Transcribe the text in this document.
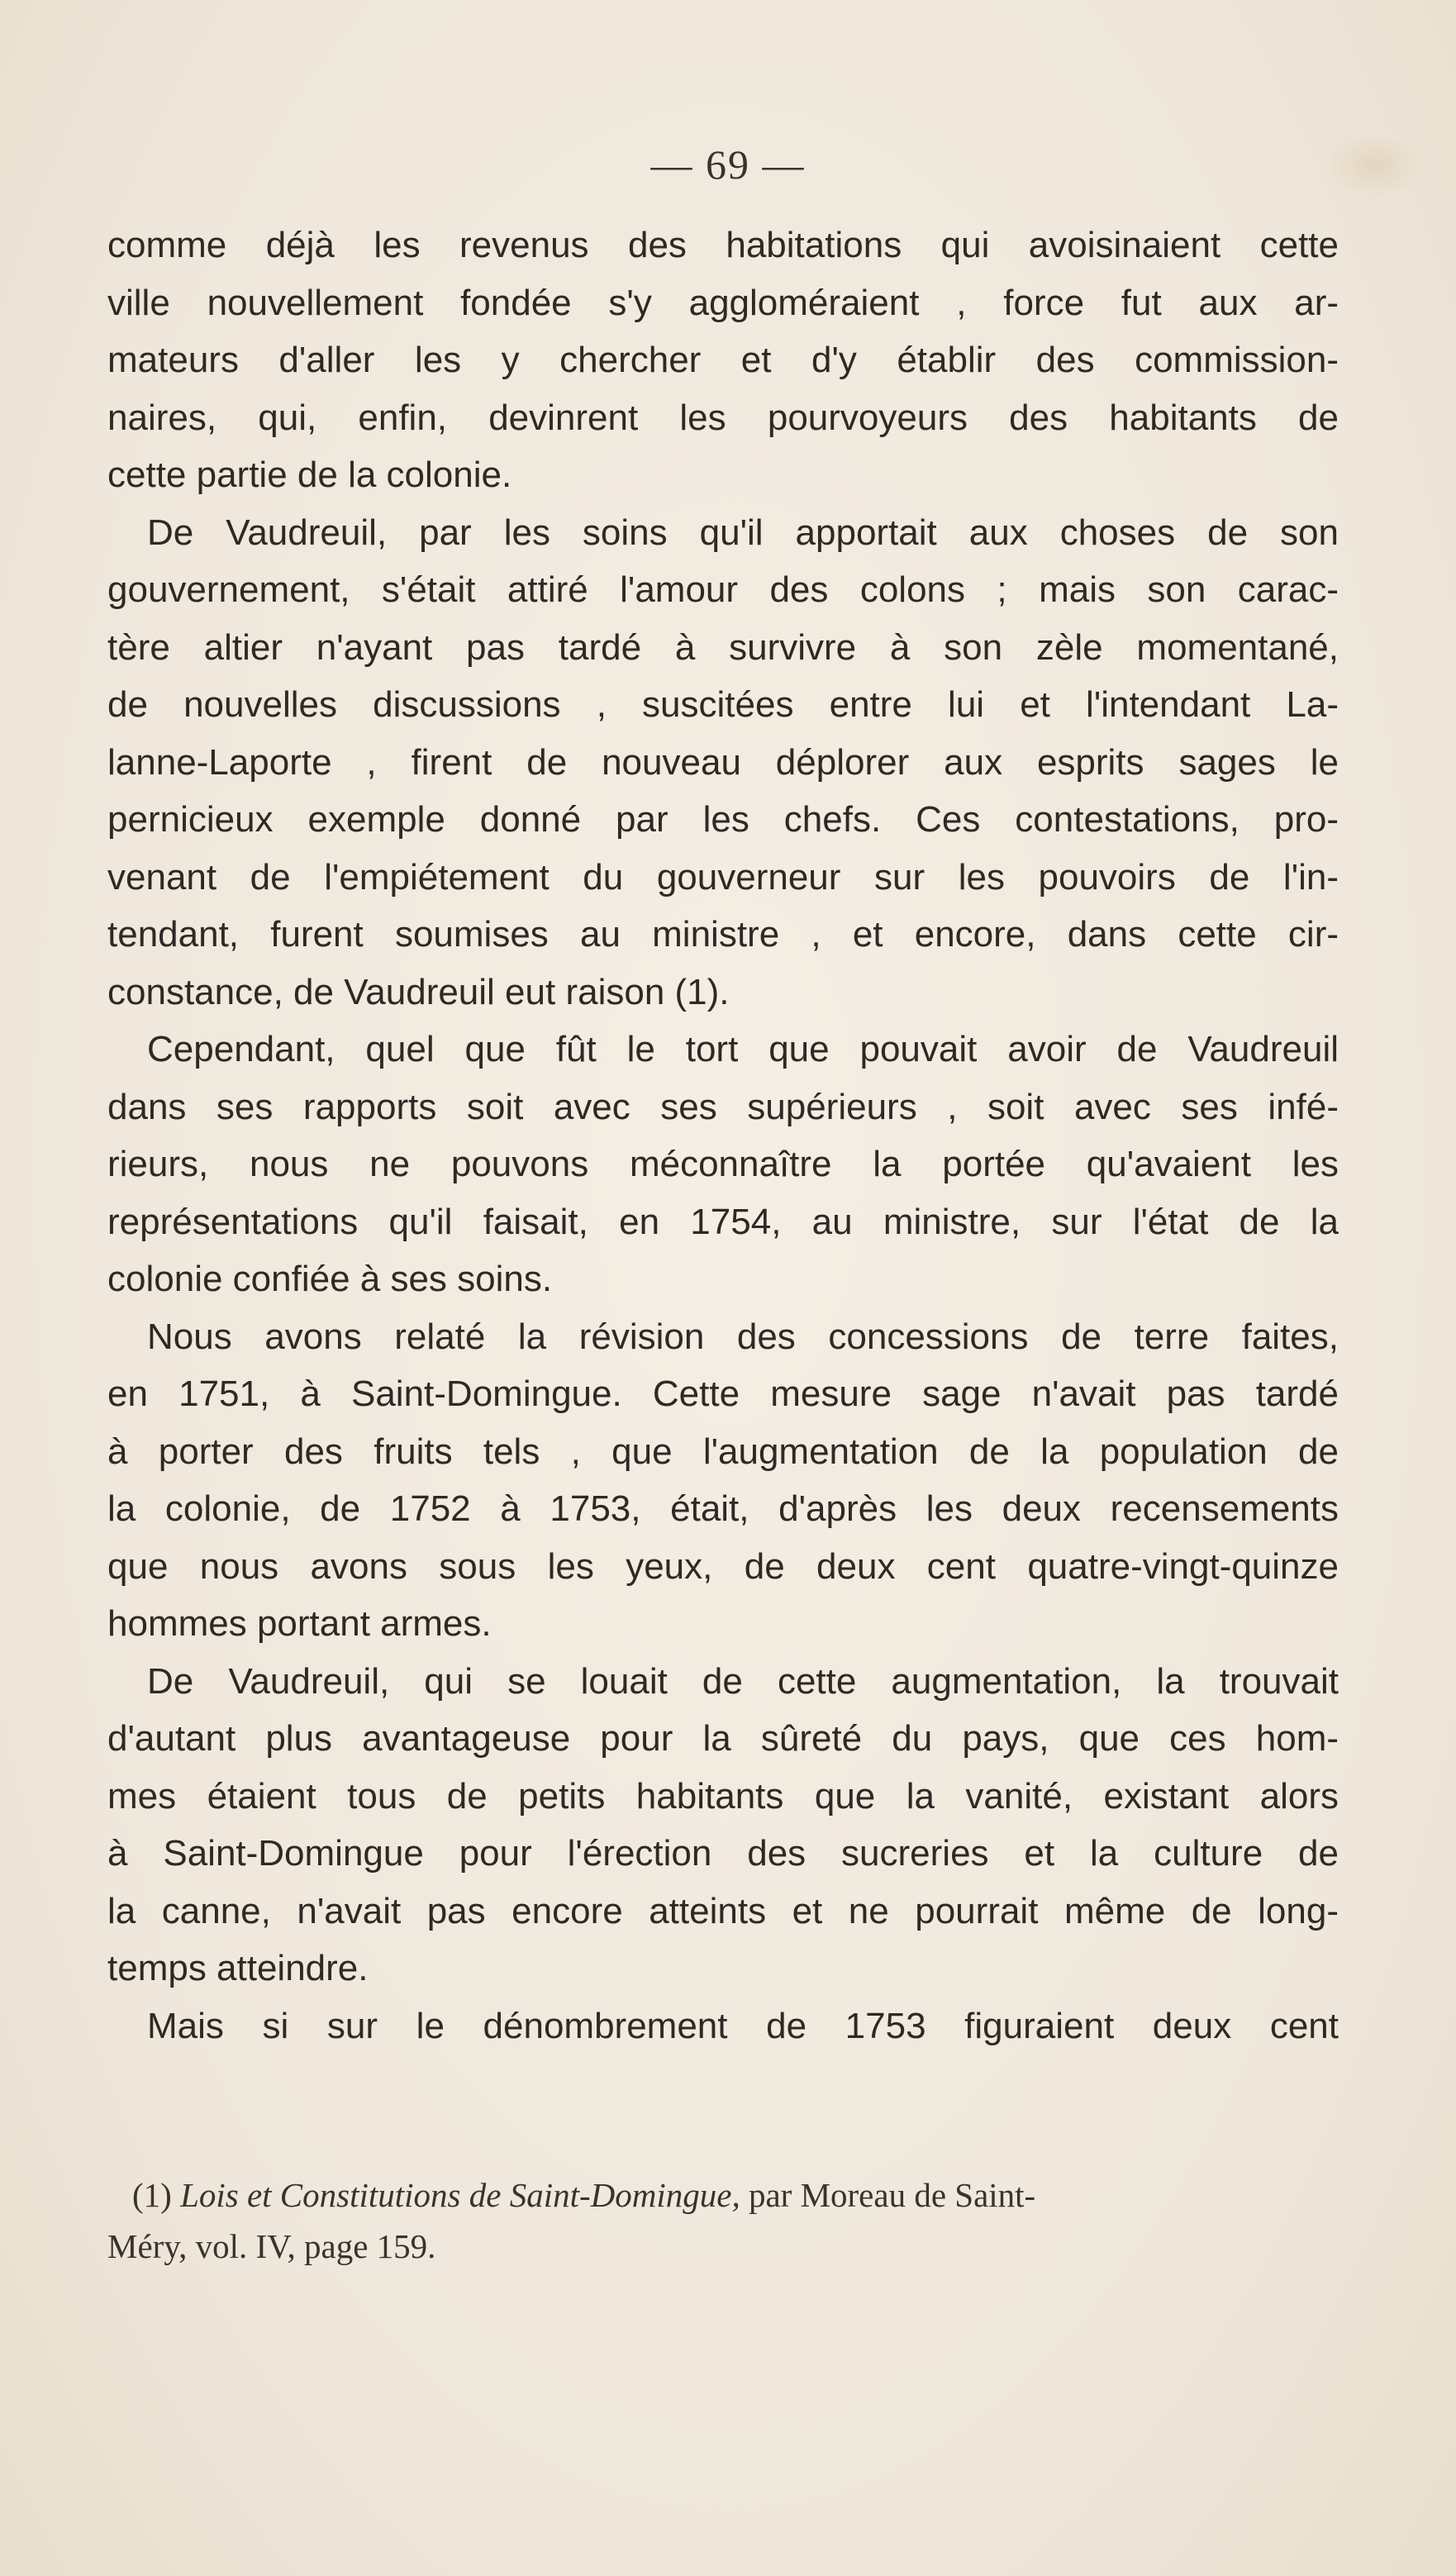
— 69 —
comme déjà les revenus des habitations qui avoisinaient cette
ville nouvellement fondée s'y aggloméraient , force fut aux ar-
mateurs d'aller les y chercher et d'y établir des commission-
naires, qui, enfin, devinrent les pourvoyeurs des habitants de
cette partie de la colonie.
De Vaudreuil, par les soins qu'il apportait aux choses de son
gouvernement, s'était attiré l'amour des colons ; mais son carac-
tère altier n'ayant pas tardé à survivre à son zèle momentané,
de nouvelles discussions , suscitées entre lui et l'intendant La-
lanne-Laporte , firent de nouveau déplorer aux esprits sages le
pernicieux exemple donné par les chefs. Ces contestations, pro-
venant de l'empiétement du gouverneur sur les pouvoirs de l'in-
tendant, furent soumises au ministre , et encore, dans cette cir-
constance, de Vaudreuil eut raison (1).
Cependant, quel que fût le tort que pouvait avoir de Vaudreuil
dans ses rapports soit avec ses supérieurs , soit avec ses infé-
rieurs, nous ne pouvons méconnaître la portée qu'avaient les
représentations qu'il faisait, en 1754, au ministre, sur l'état de la
colonie confiée à ses soins.
Nous avons relaté la révision des concessions de terre faites,
en 1751, à Saint-Domingue. Cette mesure sage n'avait pas tardé
à porter des fruits tels , que l'augmentation de la population de
la colonie, de 1752 à 1753, était, d'après les deux recensements
que nous avons sous les yeux, de deux cent quatre-vingt-quinze
hommes portant armes.
De Vaudreuil, qui se louait de cette augmentation, la trouvait
d'autant plus avantageuse pour la sûreté du pays, que ces hom-
mes étaient tous de petits habitants que la vanité, existant alors
à Saint-Domingue pour l'érection des sucreries et la culture de
la canne, n'avait pas encore atteints et ne pourrait même de long-
temps atteindre.
Mais si sur le dénombrement de 1753 figuraient deux cent
(1) Lois et Constitutions de Saint-Domingue, par Moreau de Saint-
Méry, vol. IV, page 159.
